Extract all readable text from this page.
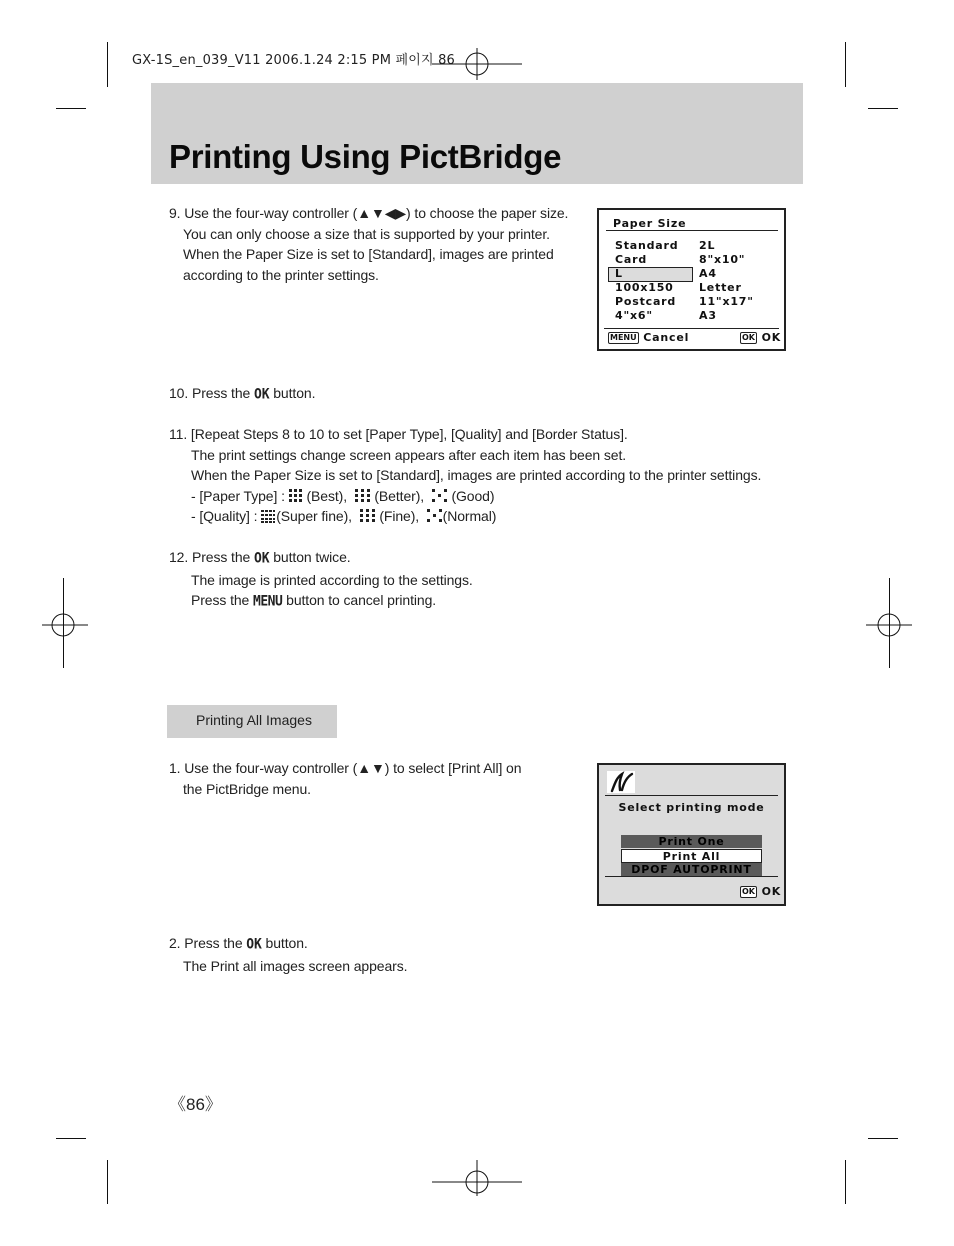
GX-1S_en_039_V11 2006.1.24 2:15 PM 페이지 86
Printing Using PictBridge
9. Use the four-way controller (▲▼◀▶) to choose the paper size.
You can only choose a size that is supported by your printer.
When the Paper Size is set to [Standard], images are printed
according to the printer settings.
Paper Size
Standard
Card
L
100x150
Postcard
4"x6"
2L
8"x10"
A4
Letter
11"x17"
A3
MENU Cancel	OK OK
10. Press the OK button.
11. [Repeat Steps 8 to 10 to set [Paper Type], [Quality] and [Border Status].
The print settings change screen appears after each item has been set.
When the Paper Size is set to [Standard], images are printed according to the printer settings.
- [Paper Type] : (Best), (Better), (Good)
- [Quality] : (Super fine), (Fine), (Normal)
12. Press the OK button twice.
The image is printed according to the settings.
Press the MENU button to cancel printing.
Printing All Images
1. Use the four-way controller (▲▼) to select [Print All] on
the PictBridge menu.
Select printing mode
Print One
Print All
DPOF AUTOPRINT
OK OK
2. Press the OK button.
The Print all images screen appears.
《86》
